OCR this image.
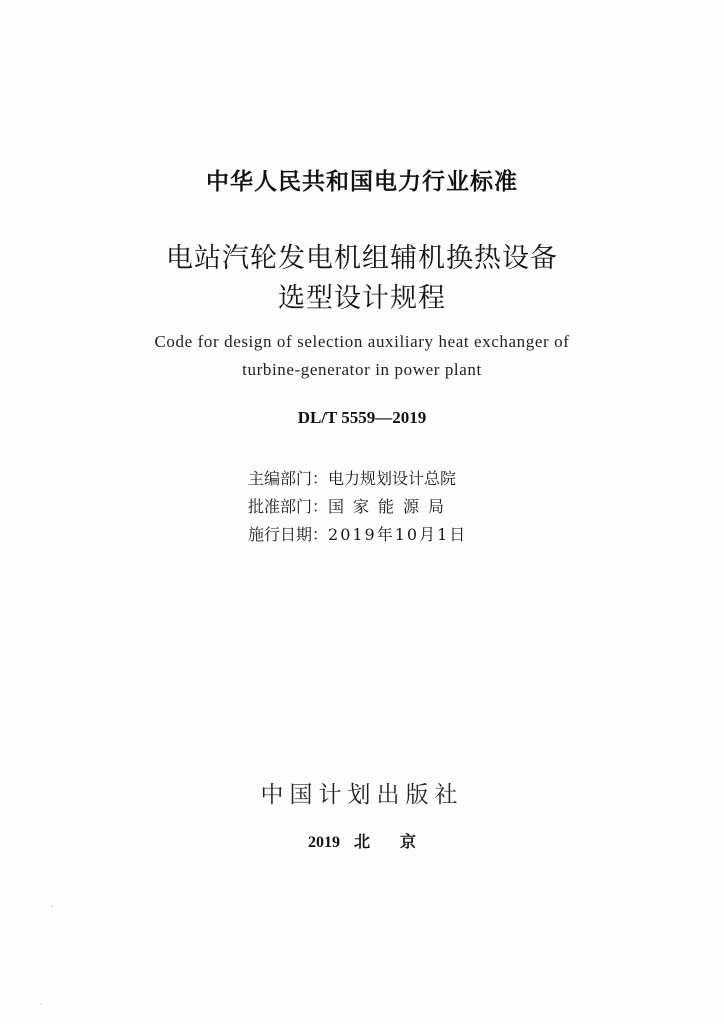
中华人民共和国电力行业标准
电站汽轮发电机组辅机换热设备
选型设计规程
Code for design of selection auxiliary heat exchanger of
turbine-generator in power plant
DL/T 5559—2019
主编部门：电力规划设计总院
批准部门：国家能源局
施行日期：2019年10月1日
中国计划出版社
2019 北 京
